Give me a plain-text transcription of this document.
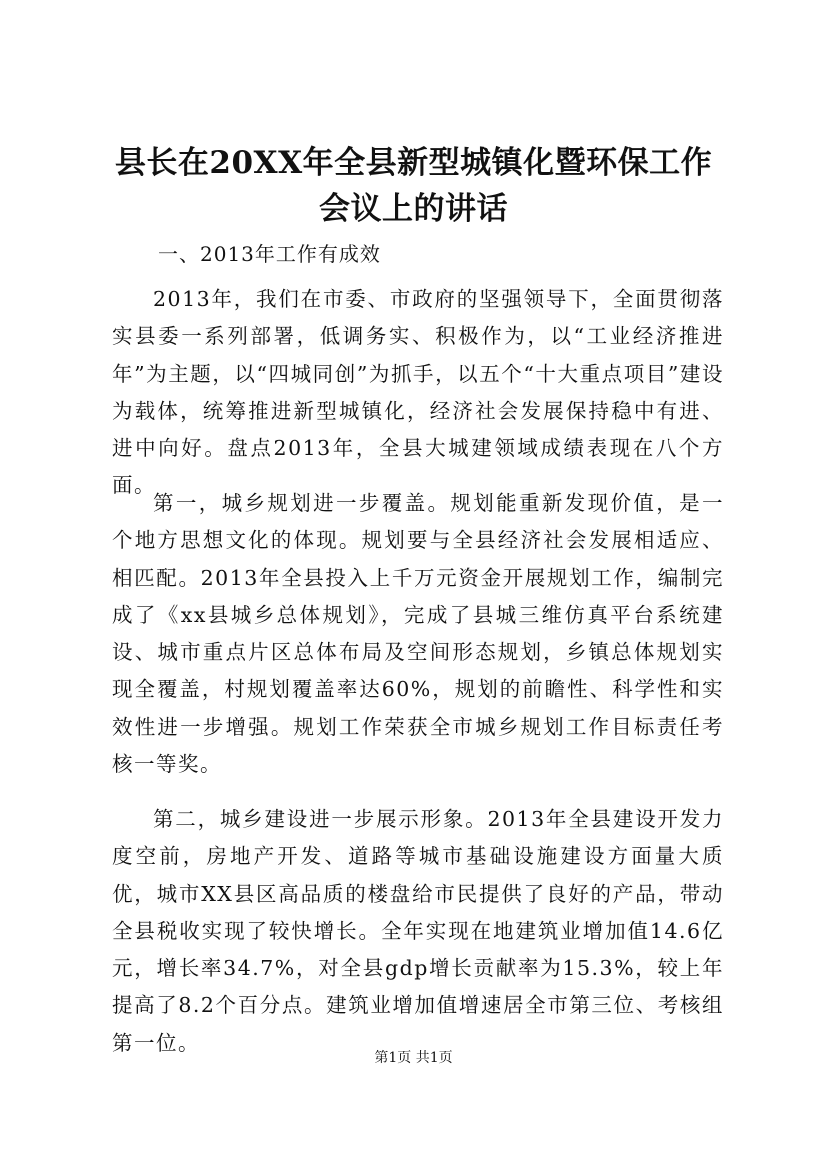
县长在20XX年全县新型城镇化暨环保工作会议上的讲话
一、2013年工作有成效

2013年，我们在市委、市政府的坚强领导下，全面贯彻落实县委一系列部署，低调务实、积极作为，以“工业经济推进年”为主题，以“四城同创”为抓手，以五个“十大重点项目”建设为载体，统筹推进新型城镇化，经济社会发展保持稳中有进、进中向好。盘点2013年，全县大城建领域成绩表现在八个方面。

第一，城乡规划进一步覆盖。规划能重新发现价值，是一个地方思想文化的体现。规划要与全县经济社会发展相适应、相匹配。2013年全县投入上千万元资金开展规划工作，编制完成了《xx县城乡总体规划》，完成了县城三维仿真平台系统建设、城市重点片区总体布局及空间形态规划，乡镇总体规划实现全覆盖，村规划覆盖率达60%，规划的前瞻性、科学性和实效性进一步增强。规划工作荣获全市城乡规划工作目标责任考核一等奖。

第二，城乡建设进一步展示形象。2013年全县建设开发力度空前，房地产开发、道路等城市基础设施建设方面量大质优，城市XX县区高品质的楼盘给市民提供了良好的产品，带动全县税收实现了较快增长。全年实现在地建筑业增加值14.6亿元，增长率34.7%，对全县gdp增长贡献率为15.3%，较上年提高了8.2个百分点。建筑业增加值增速居全市第三位、考核组第一位。

第1页 共1页
